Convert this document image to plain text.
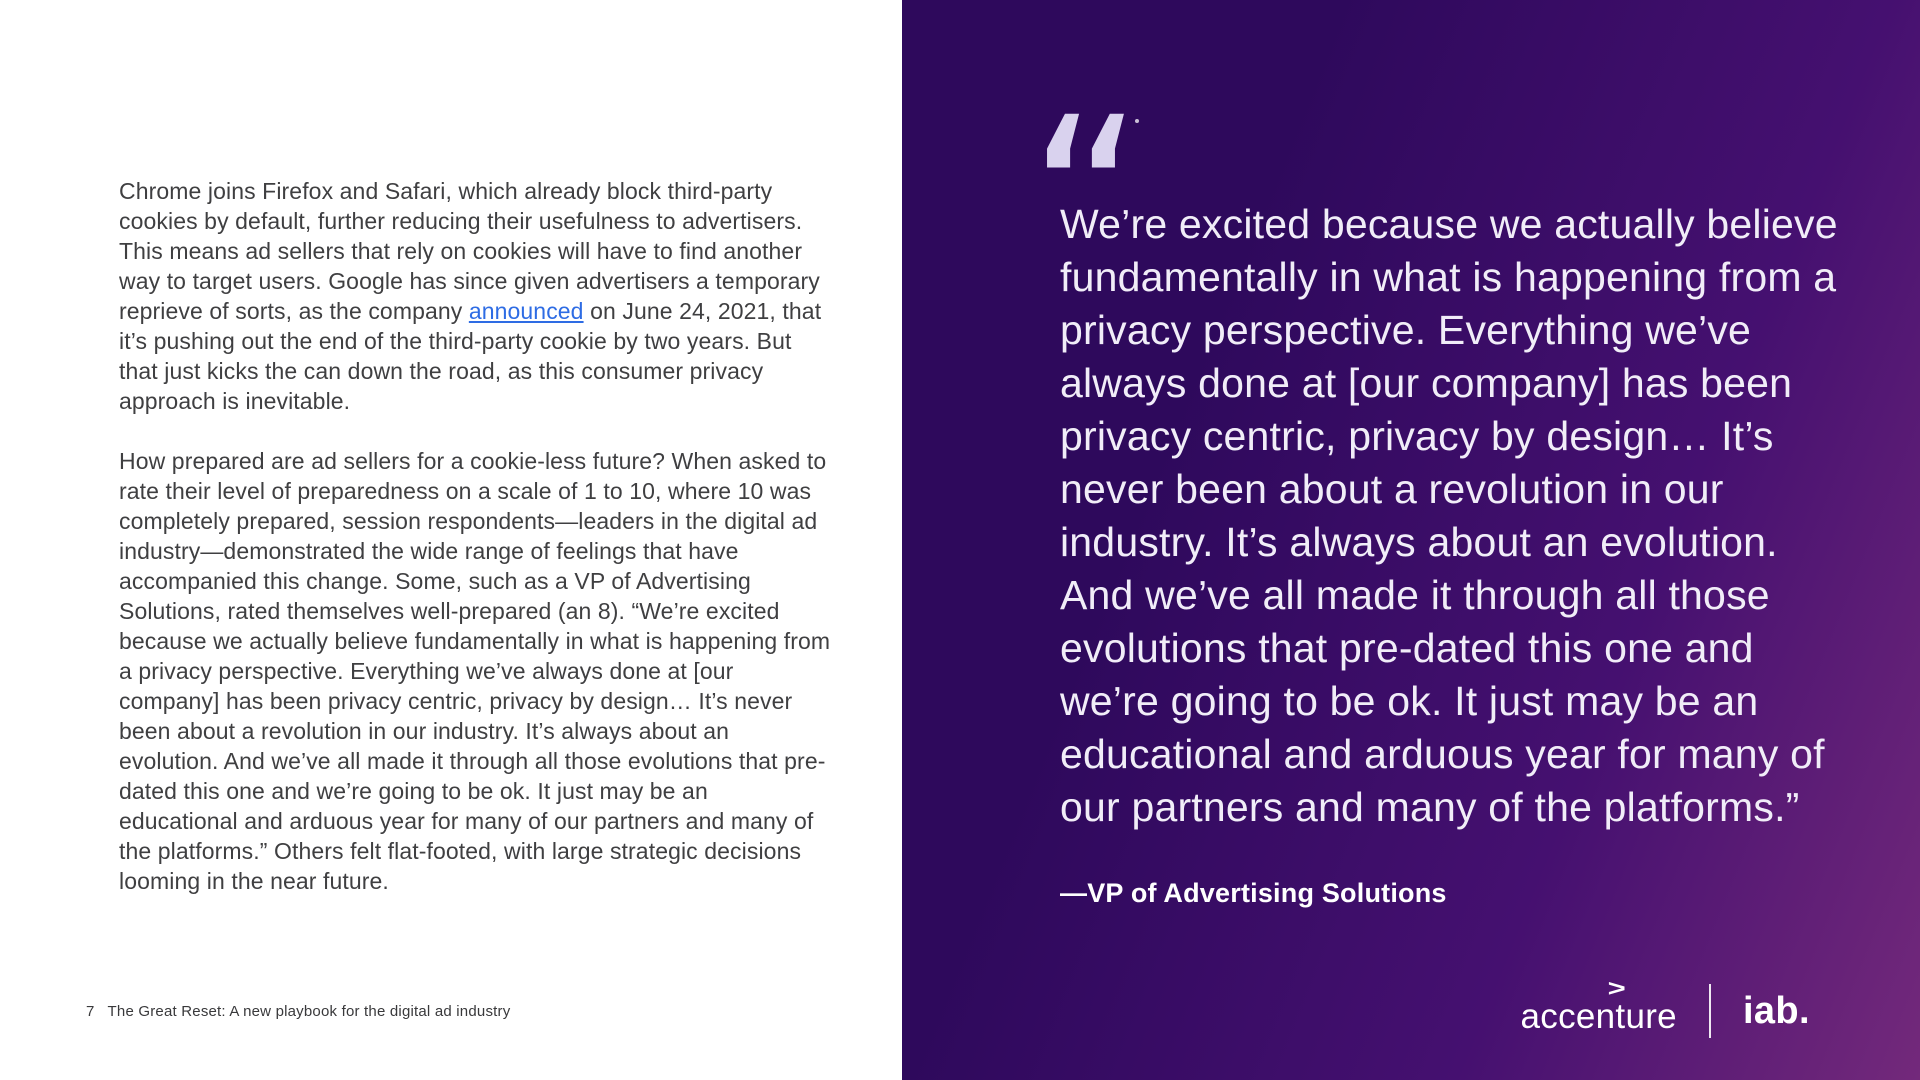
Chrome joins Firefox and Safari, which already block third-party cookies by default, further reducing their usefulness to advertisers. This means ad sellers that rely on cookies will have to find another way to target users. Google has since given advertisers a temporary reprieve of sorts, as the company announced on June 24, 2021, that it’s pushing out the end of the third-party cookie by two years. But that just kicks the can down the road, as this consumer privacy approach is inevitable.

How prepared are ad sellers for a cookie-less future? When asked to rate their level of preparedness on a scale of 1 to 10, where 10 was completely prepared, session respondents—leaders in the digital ad industry—demonstrated the wide range of feelings that have accompanied this change. Some, such as a VP of Advertising Solutions, rated themselves well-prepared (an 8). “We’re excited because we actually believe fundamentally in what is happening from a privacy perspective. Everything we’ve always done at [our company] has been privacy centric, privacy by design… It’s never been about a revolution in our industry. It’s always about an evolution. And we’ve all made it through all those evolutions that pre-dated this one and we’re going to be ok. It just may be an educational and arduous year for many of our partners and many of the platforms.” Others felt flat-footed, with large strategic decisions looming in the near future.

7 The Great Reset: A new playbook for the digital ad industry
“
We’re excited because we actually believe fundamentally in what is happening from a privacy perspective. Everything we’ve always done at [our company] has been privacy centric, privacy by design… It’s never been about a revolution in our industry. It’s always about an evolution. And we’ve all made it through all those evolutions that pre-dated this one and we’re going to be ok. It just may be an educational and arduous year for many of our partners and many of the platforms.”
—VP of Advertising Solutions
>
accenture iab.
